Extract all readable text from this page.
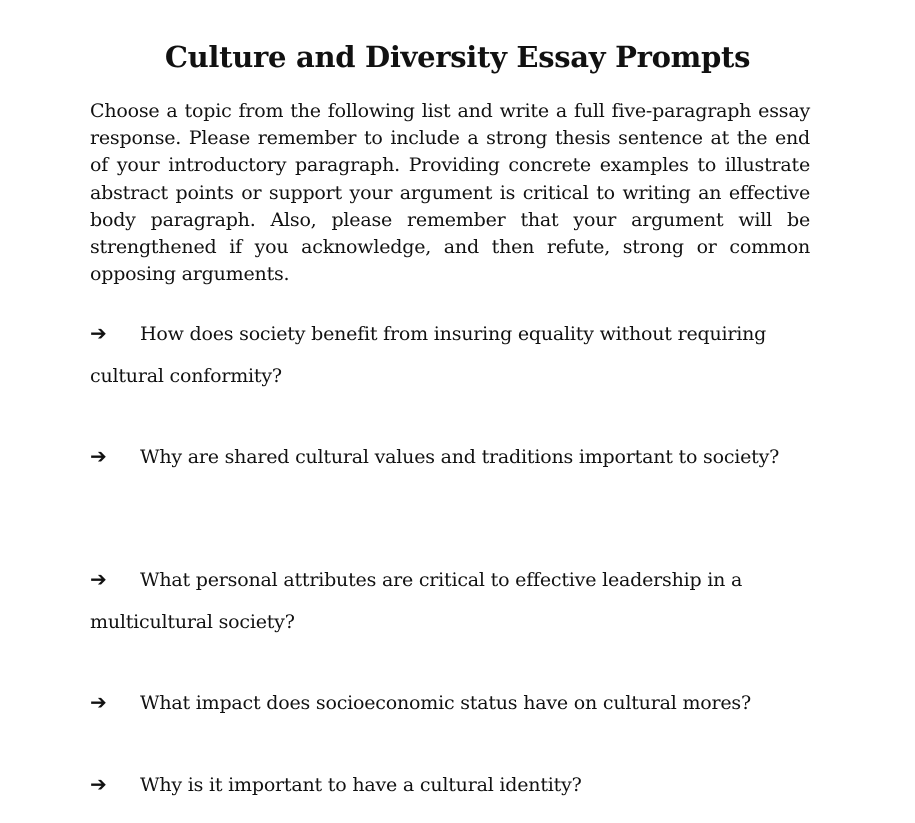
Culture and Diversity Essay Prompts

Choose a topic from the following list and write a full five-paragraph essay response. Please remember to include a strong thesis sentence at the end of your introductory paragraph. Providing concrete examples to illustrate abstract points or support your argument is critical to writing an effective body paragraph. Also, please remember that your argument will be strengthened if you acknowledge, and then refute, strong or common opposing arguments.

➔ How does society benefit from insuring equality without requiring cultural conformity?

➔ Why are shared cultural values and traditions important to society?

➔ What personal attributes are critical to effective leadership in a multicultural society?

➔ What impact does socioeconomic status have on cultural mores?

➔ Why is it important to have a cultural identity?
